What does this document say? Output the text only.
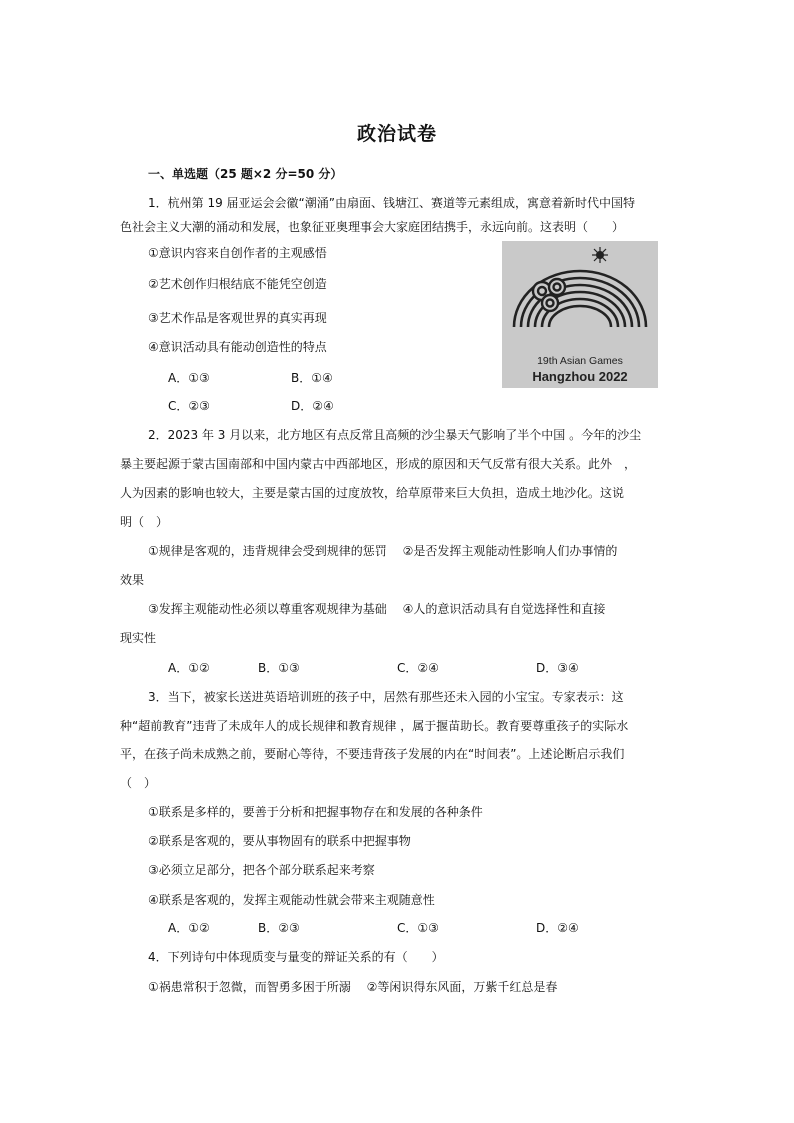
政治试卷
一、单选题（25 题×2 分=50 分）
1．杭州第 19 届亚运会会徽“潮涌”由扇面、钱塘江、赛道等元素组成，寓意着新时代中国特
色社会主义大潮的涌动和发展，也象征亚奥理事会大家庭团结携手，永远向前。这表明（　　）
①意识内容来自创作者的主观感悟
②艺术创作归根结底不能凭空创造
③艺术作品是客观世界的真实再现
④意识活动具有能动创造性的特点
A．①③	B．①④
C．②③	D．②④
19th Asian Games
Hangzhou 2022
2．2023 年 3 月以来，北方地区有点反常且高频的沙尘暴天气影响了半个中国 。今年的沙尘
暴主要起源于蒙古国南部和中国内蒙古中西部地区，形成的原因和天气反常有很大关系。此外　，
人为因素的影响也较大，主要是蒙古国的过度放牧，给草原带来巨大负担，造成土地沙化。这说
明（　）
①规律是客观的，违背规律会受到规律的惩罚　 ②是否发挥主观能动性影响人们办事情的
效果
③发挥主观能动性必须以尊重客观规律为基础　 ④人的意识活动具有自觉选择性和直接
现实性
A．①②	B．①③	C．②④	D．③④
3．当下，被家长送进英语培训班的孩子中，居然有那些还未入园的小宝宝。专家表示：这
种“超前教育”违背了未成年人的成长规律和教育规律 ，属于揠苗助长。教育要尊重孩子的实际水
平，在孩子尚未成熟之前，要耐心等待，不要违背孩子发展的内在“时间表”。上述论断启示我们
（　）
①联系是多样的，要善于分析和把握事物存在和发展的各种条件
②联系是客观的，要从事物固有的联系中把握事物
③必须立足部分，把各个部分联系起来考察
④联系是客观的，发挥主观能动性就会带来主观随意性
A．①②	B．②③	C．①③	D．②④
4．下列诗句中体现质变与量变的辩证关系的有（　　）
①祸患常积于忽微，而智勇多困于所溺　 ②等闲识得东风面，万紫千红总是春
